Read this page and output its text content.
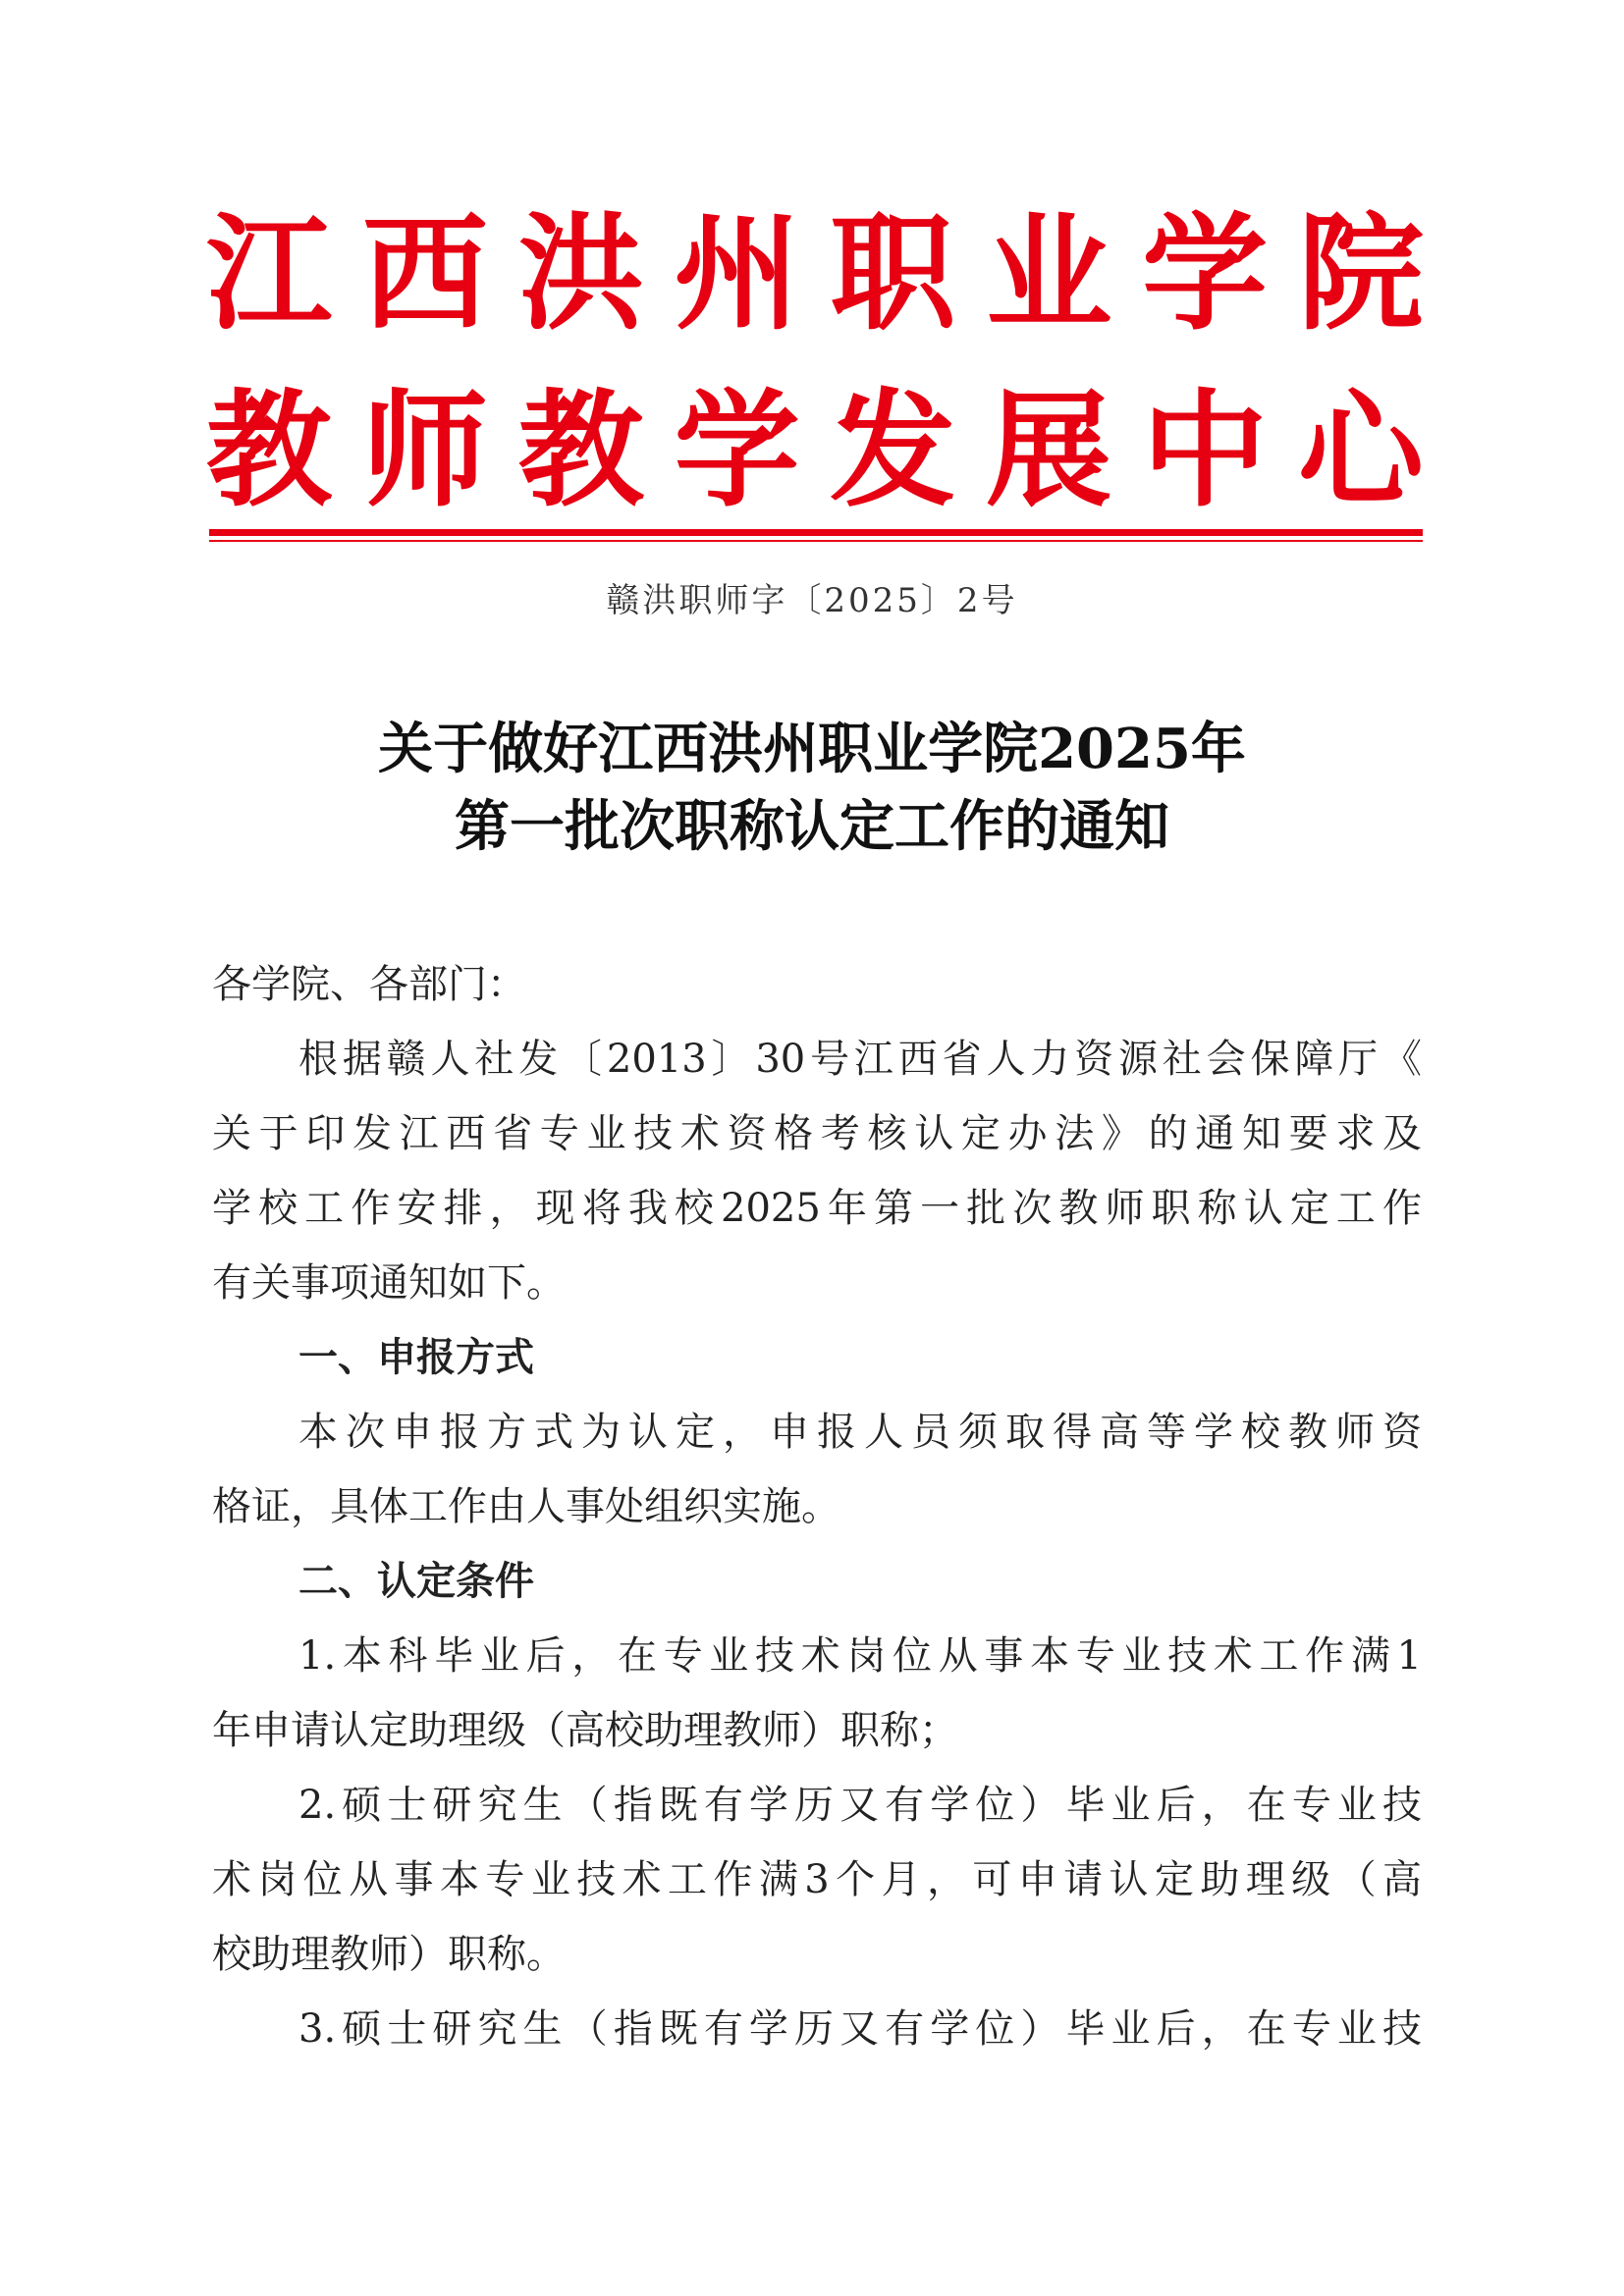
江西洪州职业学院
教师教学发展中心
赣洪职师字〔2025〕2号
关于做好江西洪州职业学院2025年
第一批次职称认定工作的通知
各学院、各部门：
根据赣人社发〔2013〕30号江西省人力资源社会保障厅《
关于印发江西省专业技术资格考核认定办法》的通知要求及
学校工作安排，现将我校2025年第一批次教师职称认定工作
有关事项通知如下。
一、申报方式
本次申报方式为认定，申报人员须取得高等学校教师资
格证，具体工作由人事处组织实施。
二、认定条件
1.本科毕业后，在专业技术岗位从事本专业技术工作满1
年申请认定助理级（高校助理教师）职称；
2.硕士研究生（指既有学历又有学位）毕业后，在专业技
术岗位从事本专业技术工作满3个月，可申请认定助理级（高
校助理教师）职称。
3.硕士研究生（指既有学历又有学位）毕业后，在专业技
